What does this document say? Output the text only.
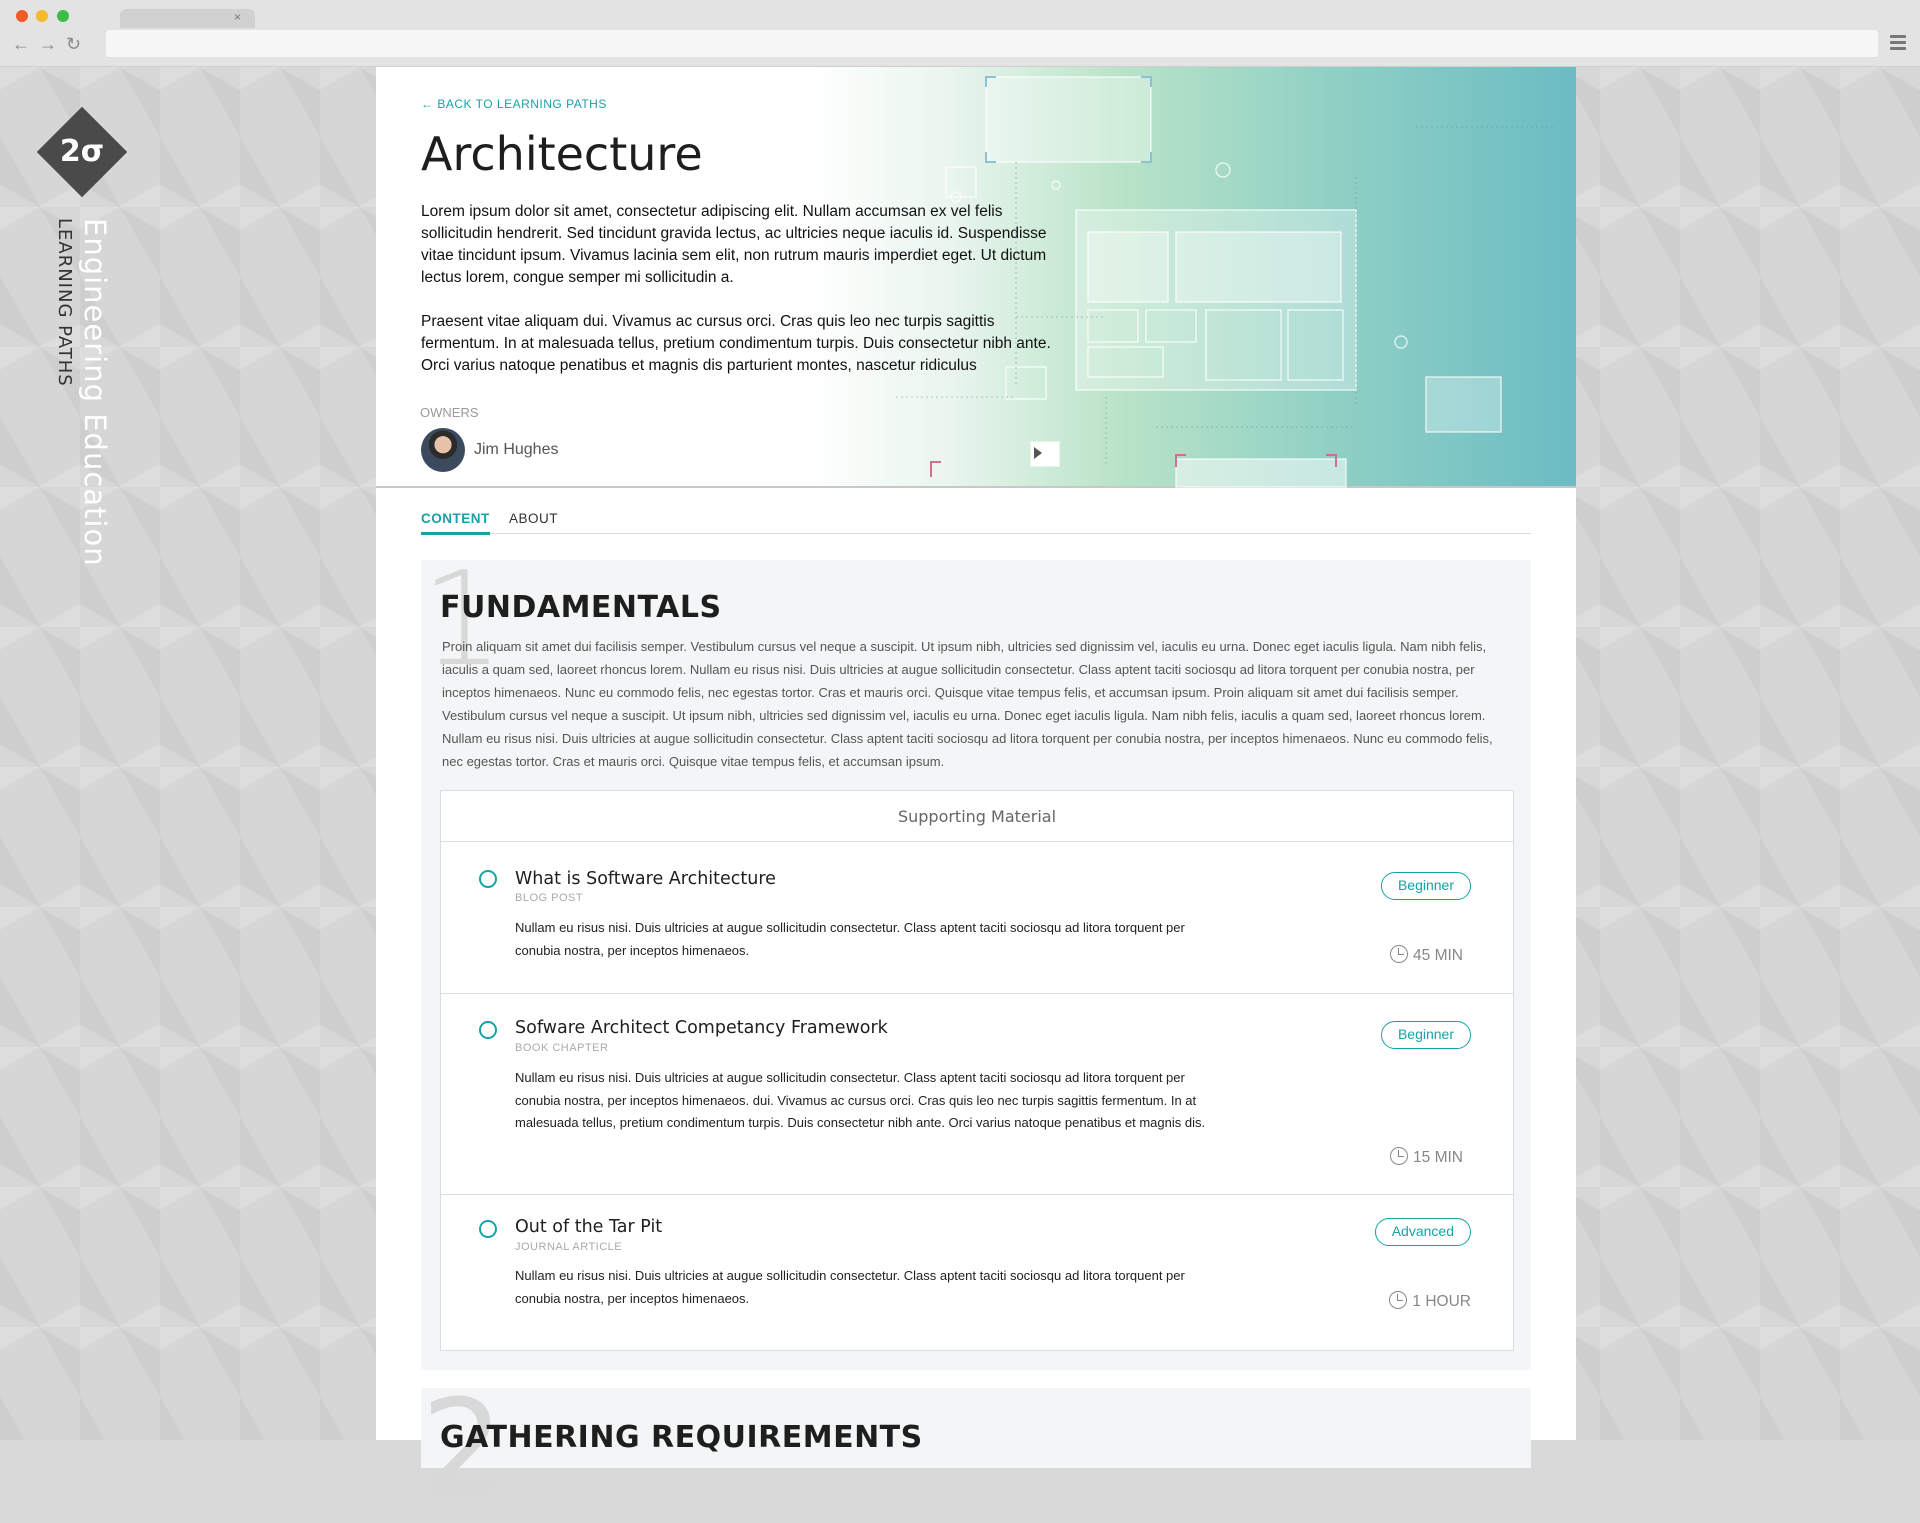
×
← → ↻
2σ
Engineering Education
LEARNING PATHS
← BACK TO LEARNING PATHS
Architecture

Lorem ipsum dolor sit amet, consectetur adipiscing elit. Nullam accumsan ex vel felis sollicitudin hendrerit. Sed tincidunt gravida lectus, ac ultricies neque iaculis id. Suspendisse vitae tincidunt ipsum. Vivamus lacinia sem elit, non rutrum mauris imperdiet eget. Ut dictum lectus lorem, congue semper mi sollicitudin a.

Praesent vitae aliquam dui. Vivamus ac cursus orci. Cras quis leo nec turpis sagittis fermentum. In at malesuada tellus, pretium condimentum turpis. Duis consectetur nibh ante. Orci varius natoque penatibus et magnis dis parturient montes, nascetur ridiculus

OWNERS
Jim Hughes
CONTENT ABOUT
1
FUNDAMENTALS

Proin aliquam sit amet dui facilisis semper. Vestibulum cursus vel neque a suscipit. Ut ipsum nibh, ultricies sed dignissim vel, iaculis eu urna. Donec eget iaculis ligula. Nam nibh felis, iaculis a quam sed, laoreet rhoncus lorem. Nullam eu risus nisi. Duis ultricies at augue sollicitudin consectetur. Class aptent taciti sociosqu ad litora torquent per conubia nostra, per inceptos himenaeos. Nunc eu commodo felis, nec egestas tortor. Cras et mauris orci. Quisque vitae tempus felis, et accumsan ipsum. Proin aliquam sit amet dui facilisis semper. Vestibulum cursus vel neque a suscipit. Ut ipsum nibh, ultricies sed dignissim vel, iaculis eu urna. Donec eget iaculis ligula. Nam nibh felis, iaculis a quam sed, laoreet rhoncus lorem. Nullam eu risus nisi. Duis ultricies at augue sollicitudin consectetur. Class aptent taciti sociosqu ad litora torquent per conubia nostra, per inceptos himenaeos. Nunc eu commodo felis, nec egestas tortor. Cras et mauris orci. Quisque vitae tempus felis, et accumsan ipsum.

Supporting Material
What is Software Architecture
BLOG POST
Nullam eu risus nisi. Duis ultricies at augue sollicitudin consectetur. Class aptent taciti sociosqu ad litora torquent per conubia nostra, per inceptos himenaeos.
Beginner
45 MIN
Sofware Architect Competancy Framework
BOOK CHAPTER
Nullam eu risus nisi. Duis ultricies at augue sollicitudin consectetur. Class aptent taciti sociosqu ad litora torquent per conubia nostra, per inceptos himenaeos. dui. Vivamus ac cursus orci. Cras quis leo nec turpis sagittis fermentum. In at malesuada tellus, pretium condimentum turpis. Duis consectetur nibh ante. Orci varius natoque penatibus et magnis dis.
Beginner
15 MIN
Out of the Tar Pit
JOURNAL ARTICLE
Nullam eu risus nisi. Duis ultricies at augue sollicitudin consectetur. Class aptent taciti sociosqu ad litora torquent per conubia nostra, per inceptos himenaeos.
Advanced
1 HOUR
2
GATHERING REQUIREMENTS
